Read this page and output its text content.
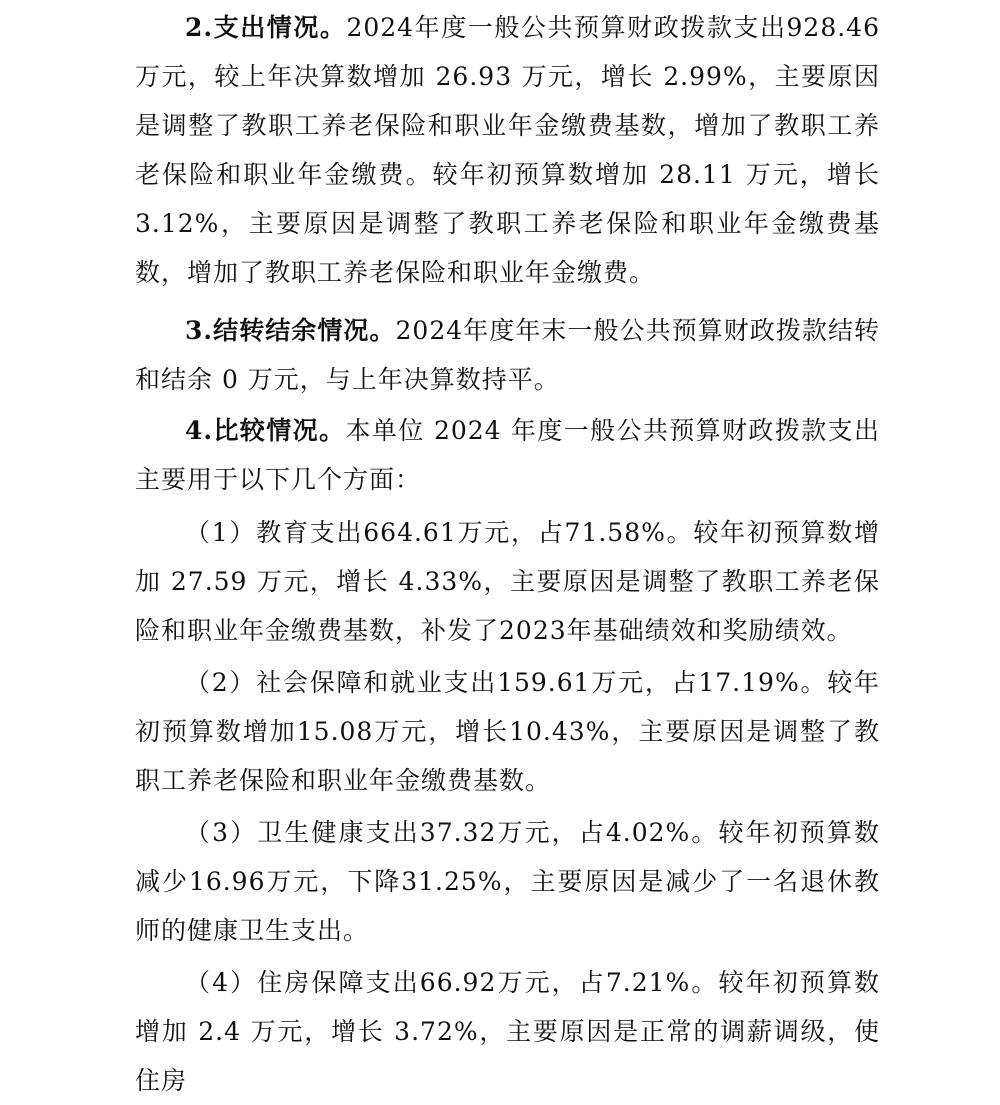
2.支出情况。2024年度一般公共预算财政拨款支出928.46万元，较上年决算数增加 26.93 万元，增长 2.99%，主要原因是调整了教职工养老保险和职业年金缴费基数，增加了教职工养老保险和职业年金缴费。较年初预算数增加 28.11 万元，增长 3.12%，主要原因是调整了教职工养老保险和职业年金缴费基数，增加了教职工养老保险和职业年金缴费。

3.结转结余情况。2024年度年末一般公共预算财政拨款结转和结余 0 万元，与上年决算数持平。

4.比较情况。本单位 2024 年度一般公共预算财政拨款支出主要用于以下几个方面：

（1）教育支出664.61万元，占71.58%。较年初预算数增加 27.59 万元，增长 4.33%，主要原因是调整了教职工养老保险和职业年金缴费基数，补发了2023年基础绩效和奖励绩效。

（2）社会保障和就业支出159.61万元，占17.19%。较年初预算数增加15.08万元，增长10.43%，主要原因是调整了教职工养老保险和职业年金缴费基数。

（3）卫生健康支出37.32万元，占4.02%。较年初预算数减少16.96万元，下降31.25%，主要原因是减少了一名退休教师的健康卫生支出。

（4）住房保障支出66.92万元，占7.21%。较年初预算数增加 2.4 万元，增长 3.72%，主要原因是正常的调薪调级，使住房
